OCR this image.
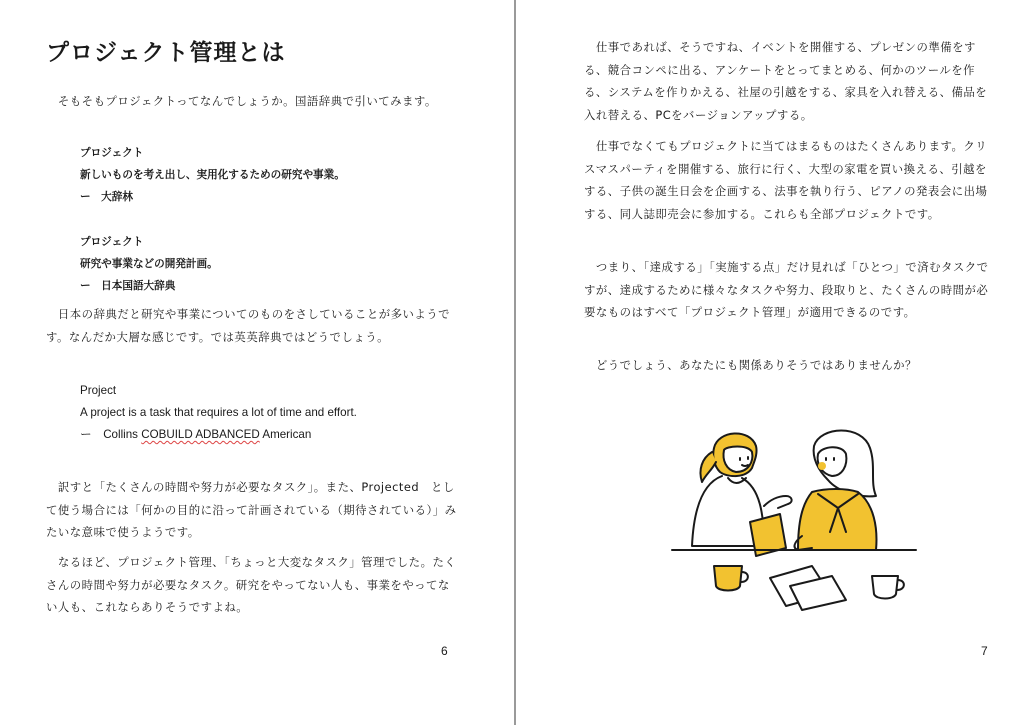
プロジェクト管理とは

　そもそもプロジェクトってなんでしょうか。国語辞典で引いてみます。

プロジェクト
新しいものを考え出し、実用化するための研究や事業。
ー　大辞林
プロジェクト
研究や事業などの開発計画。
ー　日本国語大辞典

　日本の辞典だと研究や事業についてのものをさしていることが多いようです。なんだか大層な感じです。では英英辞典ではどうでしょう。

Project
A project is a task that requires a lot of time and effort.
ー　Collins COBUILD ADBANCED American

　訳すと「たくさんの時間や努力が必要なタスク」。また、Projected　として使う場合には「何かの目的に沿って計画されている（期待されている）」みたいな意味で使うようです。

　なるほど、プロジェクト管理、「ちょっと大変なタスク」管理でした。たくさんの時間や努力が必要なタスク。研究をやってない人も、事業をやってない人も、これならありそうですよね。

6

　仕事であれば、そうですね、イベントを開催する、プレゼンの準備をする、競合コンペに出る、アンケートをとってまとめる、何かのツールを作る、システムを作りかえる、社屋の引越をする、家具を入れ替える、備品を入れ替える、PCをバージョンアップする。

　仕事でなくてもプロジェクトに当てはまるものはたくさんあります。クリスマスパーティを開催する、旅行に行く、大型の家電を買い換える、引越をする、子供の誕生日会を企画する、法事を執り行う、ピアノの発表会に出場する、同人誌即売会に参加する。これらも全部プロジェクトです。

　つまり、「達成する」「実施する点」だけ見れば「ひとつ」で済むタスクですが、達成するために様々なタスクや努力、段取りと、たくさんの時間が必要なものはすべて「プロジェクト管理」が適用できるのです。

　どうでしょう、あなたにも関係ありそうではありませんか？

7
